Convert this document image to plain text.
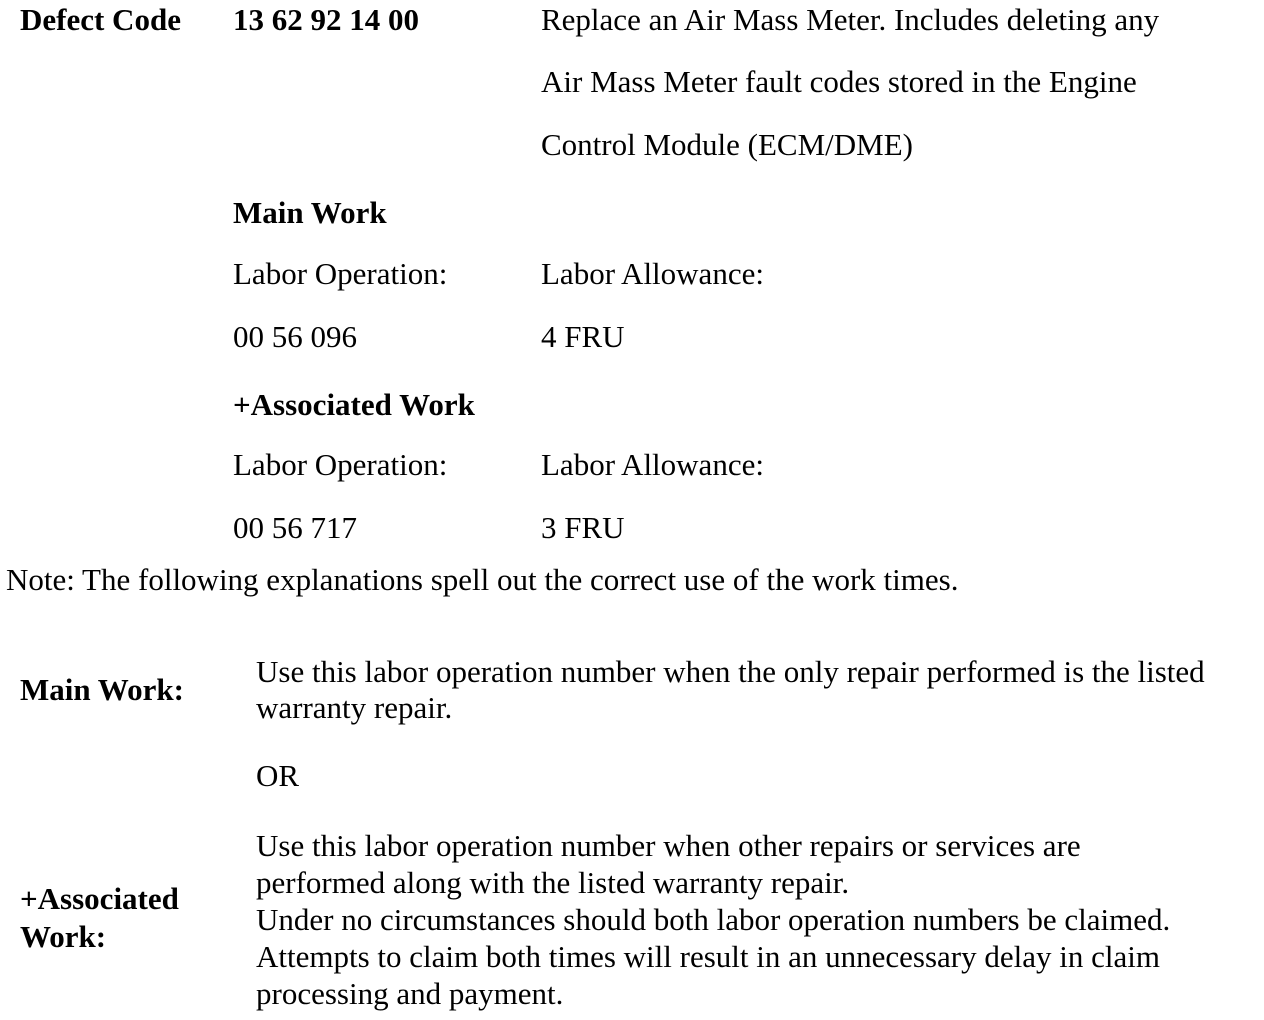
Defect Code 13 62 92 14 00	Replace an Air Mass Meter. Includes deleting any
Air Mass Meter fault codes stored in the Engine
Control Module (ECM/DME)
Main Work
Labor Operation:	Labor Allowance:
00 56 096	4 FRU
+Associated Work
Labor Operation:	Labor Allowance:
00 56 717	3 FRU
Note: The following explanations spell out the correct use of the work times.
Main Work:
Use this labor operation number when the only repair performed is the listed warranty repair.
OR
+Associated
Work:
Use this labor operation number when other repairs or services are
performed along with the listed warranty repair.
Under no circumstances should both labor operation numbers be claimed.
Attempts to claim both times will result in an unnecessary delay in claim
processing and payment.
